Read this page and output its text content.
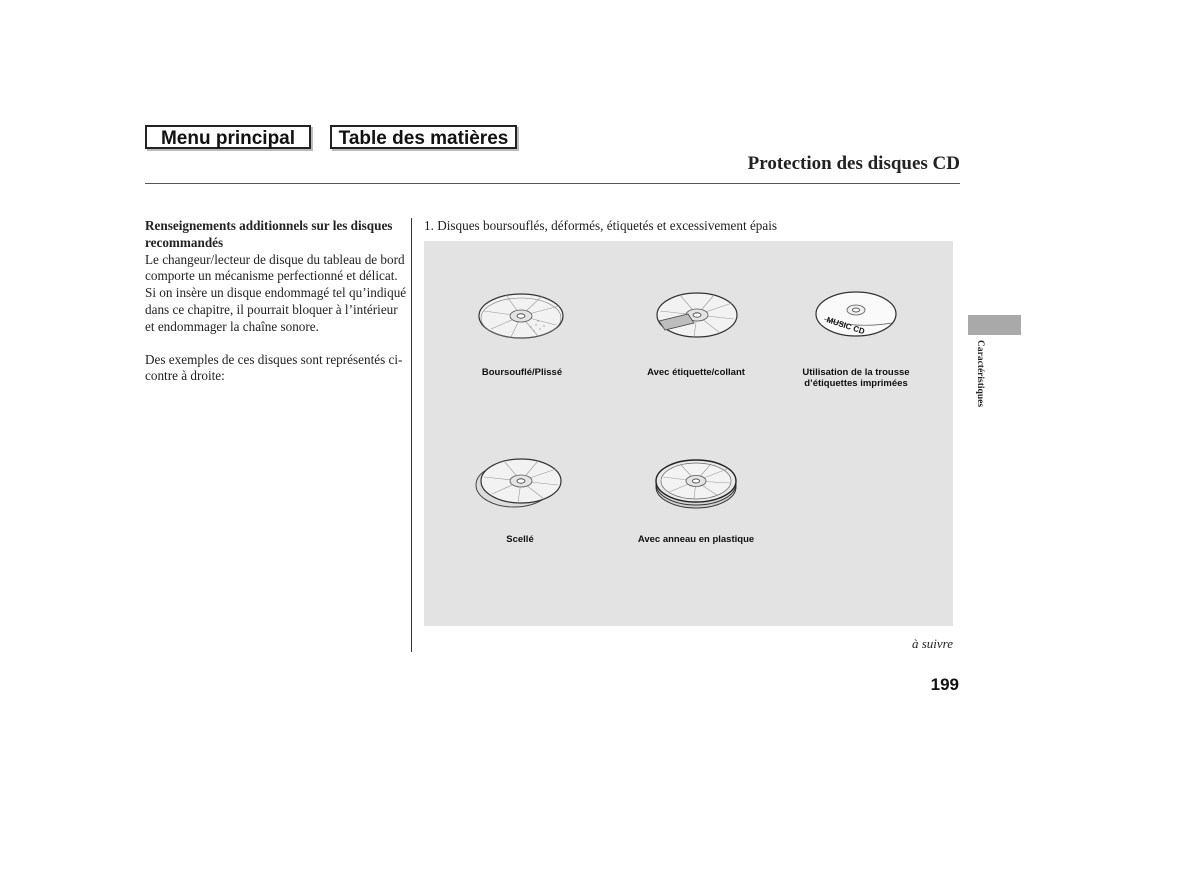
Menu principal	Table des matières
Protection des disques CD

Renseignements additionnels sur les disques recommandés

Le changeur/lecteur de disque du tableau de bord comporte un mécanisme perfectionné et délicat. Si on insère un disque endommagé tel qu’indiqué dans ce chapitre, il pourrait bloquer à l’intérieur et endommager la chaîne sonore.

Des exemples de ces disques sont représentés ci-contre à droite:

1. Disques boursouflés, déformés, étiquetés et excessivement épais
MUSIC CD
Boursouflé/Plissé	Avec étiquette/collant	Utilisation de la trousse
d’étiquettes imprimées
Scellé	Avec anneau en plastique
à suivre
199
Caractéristiques
